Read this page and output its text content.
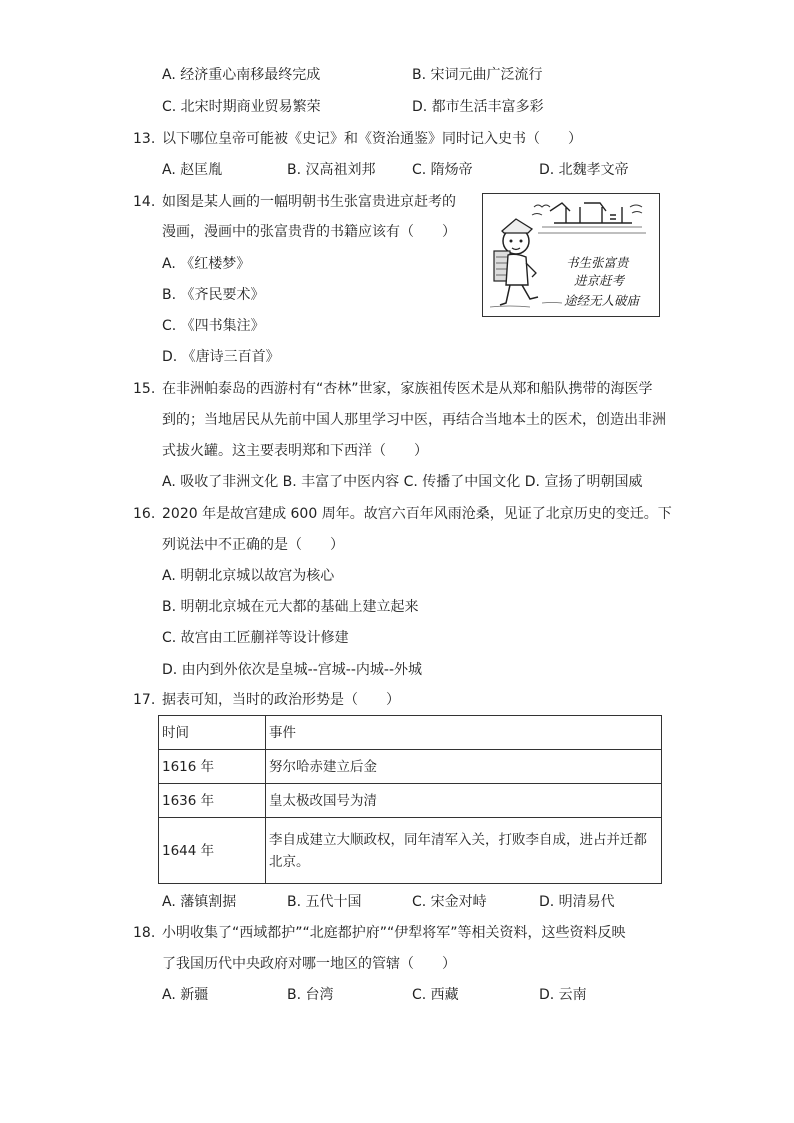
A. 经济重心南移最终完成	B. 宋词元曲广泛流行
C. 北宋时期商业贸易繁荣	D. 都市生活丰富多彩
13. 以下哪位皇帝可能被《史记》和《资治通鉴》同时记入史书（　　）
A. 赵匡胤	B. 汉高祖刘邦	C. 隋炀帝	D. 北魏孝文帝
14. 如图是某人画的一幅明朝书生张富贵进京赶考的
漫画，漫画中的张富贵背的书籍应该有（　　）
A. 《红楼梦》
B. 《齐民要术》
C. 《四书集注》
D. 《唐诗三百首》
书生张富贵
进京赶考
途经无人破庙
15. 在非洲帕泰岛的西游村有“杏林”世家，家族祖传医术是从郑和船队携带的海医学
到的；当地居民从先前中国人那里学习中医，再结合当地本土的医术，创造出非洲
式拔火罐。这主要表明郑和下西洋（　　）
A. 吸收了非洲文化 B. 丰富了中医内容 C. 传播了中国文化 D. 宣扬了明朝国威
16. 2020 年是故宫建成 600 周年。故宫六百年风雨沧桑，见证了北京历史的变迁。下
列说法中不正确的是（　　）
A. 明朝北京城以故宫为核心
B. 明朝北京城在元大都的基础上建立起来
C. 故宫由工匠蒯祥等设计修建
D. 由内到外依次是皇城--宫城--内城--外城
17. 据表可知，当时的政治形势是（　　）
时间	事件
1616 年	努尔哈赤建立后金
1636 年	皇太极改国号为清
1644 年	李自成建立大顺政权，同年清军入关，打败李自成，进占并迁都
北京。
A. 藩镇割据	B. 五代十国	C. 宋金对峙	D. 明清易代
18. 小明收集了“西域都护”“北庭都护府”“伊犁将军”等相关资料，这些资料反映
了我国历代中央政府对哪一地区的管辖（　　）
A. 新疆	B. 台湾	C. 西藏	D. 云南
